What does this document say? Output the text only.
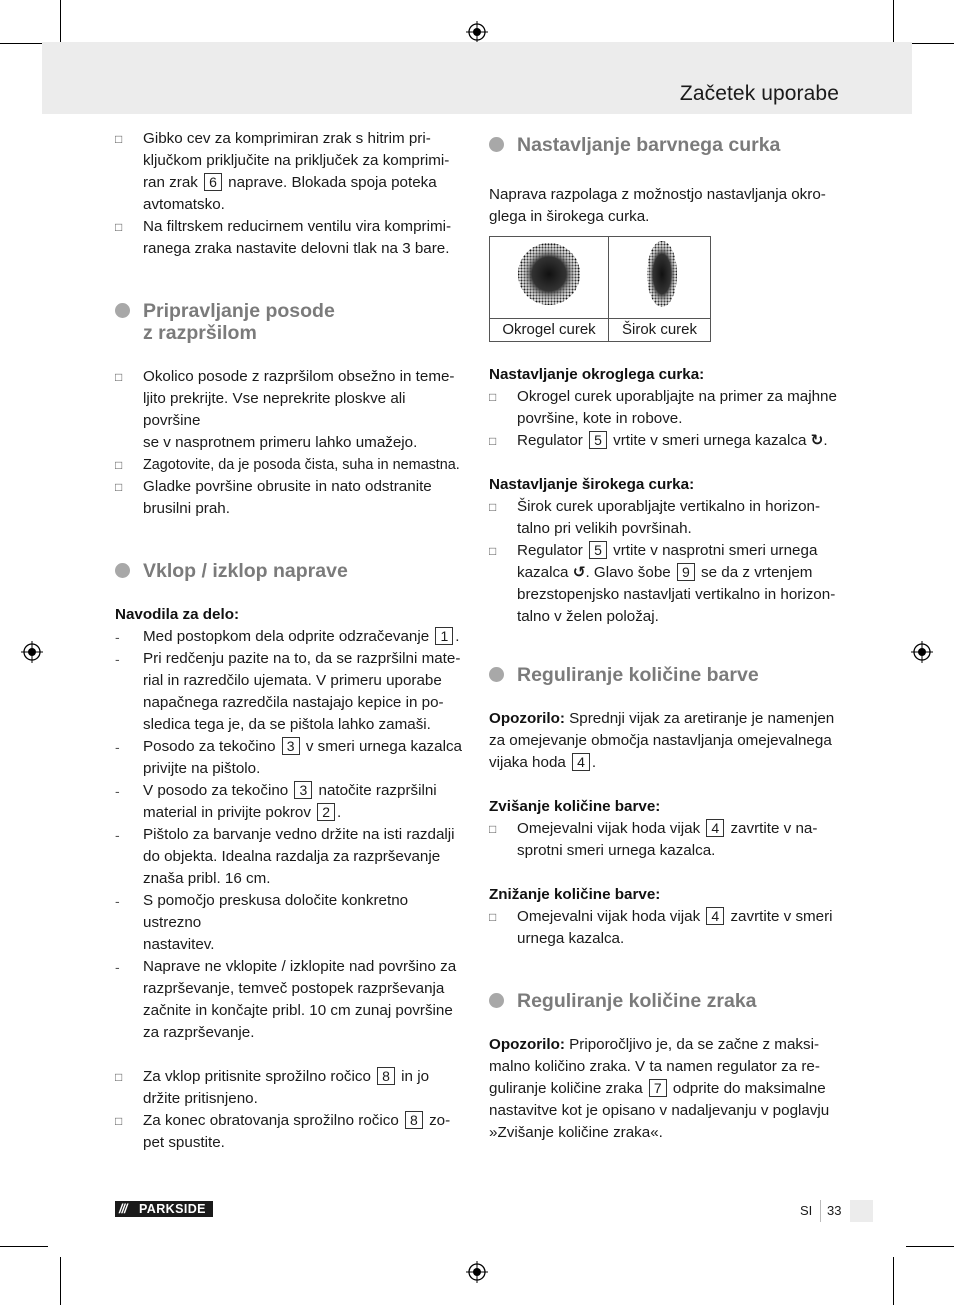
Začetek uporabe
□	Gibko cev za komprimiran zrak s hitrim pri-
ključkom priključite na priključek za komprimi-
ran zrak 6 naprave. Blokada spoja poteka
avtomatsko.
□	Na filtrskem reducirnem ventilu vira komprimi-
ranega zraka nastavite delovni tlak na 3 bare.
Pripravljanje posode
z razpršilom
□	Okolico posode z razpršilom obsežno in teme-
ljito prekrijte. Vse neprekrite ploskve ali površine
se v nasprotnem primeru lahko umažejo.
□	Zagotovite, da je posoda čista, suha in nemastna.
□	Gladke površine obrusite in nato odstranite
brusilni prah.
Vklop / izklop naprave
Navodila za delo:
-	Med postopkom dela odprite odzračevanje 1 .
-	Pri redčenju pazite na to, da se razpršilni mate-
rial in razredčilo ujemata. V primeru uporabe
napačnega razredčila nastajajo kepice in po-
sledica tega je, da se pištola lahko zamaši.
-	Posodo za tekočino 3 v smeri urnega kazalca
privijte na pištolo.
-	V posodo za tekočino 3 natočite razpršilni
material in privijte pokrov 2 .
-	Pištolo za barvanje vedno držite na isti razdalji
do objekta. Idealna razdalja za razprševanje
znaša pribl. 16 cm.
-	S pomočjo preskusa določite konkretno ustrezno
nastavitev.
-	Naprave ne vklopite / izklopite nad površino za
razprševanje, temveč postopek razprševanja
začnite in končajte pribl. 10 cm zunaj površine
za razprševanje.
□	Za vklop pritisnite sprožilno ročico 8 in jo
držite pritisnjeno.
□	Za konec obratovanja sprožilno ročico 8 zo-
pet spustite.
Nastavljanje barvnega curka
Naprava razpolaga z možnostjo nastavljanja okro-
glega in širokega curka.

Okrogel curek	Širok curek
Nastavljanje okroglega curka:
□	Okrogel curek uporabljajte na primer za majhne
površine, kote in robove.
□	Regulator 5 vrtite v smeri urnega kazalca ↻.
Nastavljanje širokega curka:
□	Širok curek uporabljajte vertikalno in horizon-
talno pri velikih površinah.
□	Regulator 5 vrtite v nasprotni smeri urnega
kazalca ↺. Glavo šobe 9 se da z vrtenjem
brezstopenjsko nastavljati vertikalno in horizon-
talno v želen položaj.
Reguliranje količine barve
Opozorilo: Sprednji vijak za aretiranje je namenjen
za omejevanje območja nastavljanja omejevalnega
vijaka hoda 4 .
Zvišanje količine barve:
□	Omejevalni vijak hoda vijak 4 zavrtite v na-
sprotni smeri urnega kazalca.
Znižanje količine barve:
□	Omejevalni vijak hoda vijak 4 zavrtite v smeri
urnega kazalca.
Reguliranje količine zraka
Opozorilo: Priporočljivo je, da se začne z maksi-
malno količino zraka. V ta namen regulator za re-
guliranje količine zraka 7 odprite do maksimalne
nastavitve kot je opisano v nadaljevanju v poglavju
»Zvišanje količine zraka«.
/// PARKSIDE	SI 33
